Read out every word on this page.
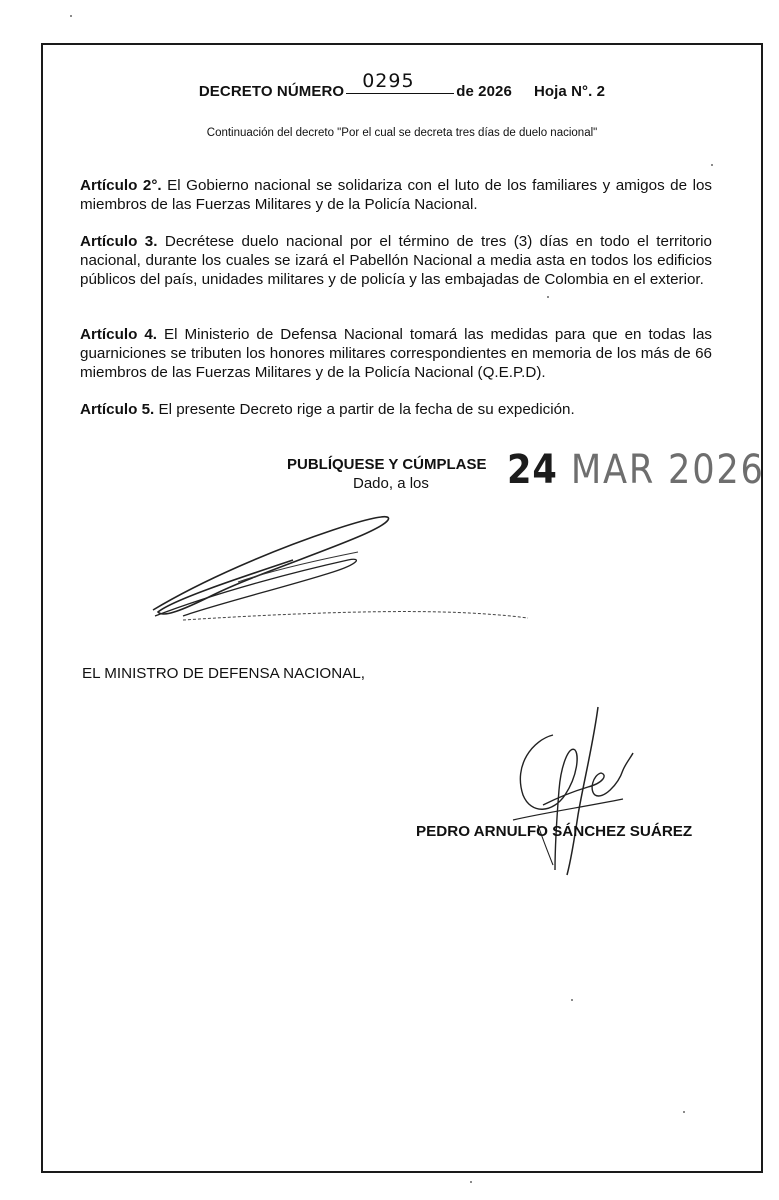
DECRETO NÚMERO 0295	de 2026 Hoja N°. 2
Continuación del decreto "Por el cual se decreta tres días de duelo nacional"
Artículo 2°. El Gobierno nacional se solidariza con el luto de los familiares y amigos de los miembros de las Fuerzas Militares y de la Policía Nacional.
Artículo 3. Decrétese duelo nacional por el término de tres (3) días en todo el territorio nacional, durante los cuales se izará el Pabellón Nacional a media asta en todos los edificios públicos del país, unidades militares y de policía y las embajadas de Colombia en el exterior.
Artículo 4. El Ministerio de Defensa Nacional tomará las medidas para que en todas las guarniciones se tributen los honores militares correspondientes en memoria de los más de 66 miembros de las Fuerzas Militares y de la Policía Nacional (Q.E.P.D).
Artículo 5. El presente Decreto rige a partir de la fecha de su expedición.
PUBLÍQUESE Y CÚMPLASE
Dado, a los 24 MAR 2026
EL MINISTRO DE DEFENSA NACIONAL,
PEDRO ARNULFO SÁNCHEZ SUÁREZ
